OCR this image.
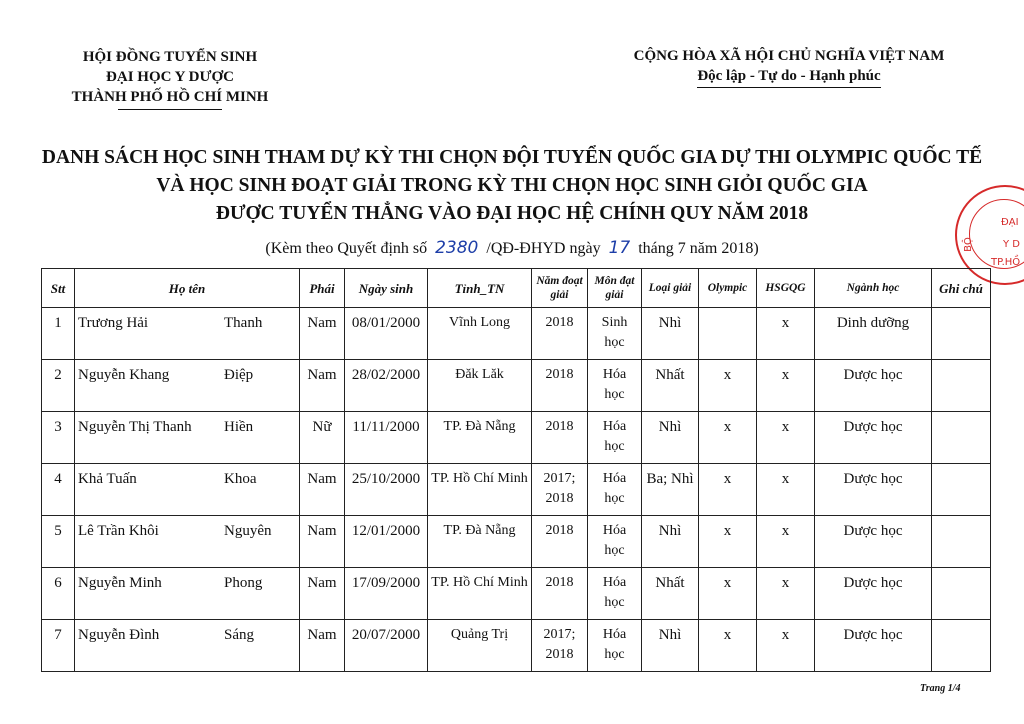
HỘI ĐỒNG TUYỂN SINH
ĐẠI HỌC Y DƯỢC
THÀNH PHỐ HỒ CHÍ MINH
CỘNG HÒA XÃ HỘI CHỦ NGHĨA VIỆT NAM
Độc lập - Tự do - Hạnh phúc
DANH SÁCH HỌC SINH THAM DỰ KỲ THI CHỌN ĐỘI TUYỂN QUỐC GIA DỰ THI OLYMPIC QUỐC TẾ
VÀ HỌC SINH ĐOẠT GIẢI TRONG KỲ THI CHỌN HỌC SINH GIỎI QUỐC GIA
ĐƯỢC TUYỂN THẲNG VÀO ĐẠI HỌC HỆ CHÍNH QUY NĂM 2018
(Kèm theo Quyết định số 2380 /QĐ-ĐHYD ngày 17 tháng 7 năm 2018)
ĐẠI
Y D
TP.HỒ
BỘ
Stt	Họ tên	Phái	Ngày sinh	Tỉnh_TN	Năm đoạt giải	Môn đạt giải	Loại giải	Olympic	HSGQG	Ngành học	Ghi chú
1	Trương Hải Thanh	Nam	08/01/2000	Vĩnh Long	2018	Sinh học	Nhì		x	Dinh dưỡng	
2	Nguyễn Khang Điệp	Nam	28/02/2000	Đăk Lăk	2018	Hóa học	Nhất	x	x	Dược học	
3	Nguyễn Thị Thanh Hiền	Nữ	11/11/2000	TP. Đà Nẵng	2018	Hóa học	Nhì	x	x	Dược học	
4	Khả Tuấn Khoa	Nam	25/10/2000	TP. Hồ Chí Minh	2017; 2018	Hóa học	Ba; Nhì	x	x	Dược học	
5	Lê Trần Khôi Nguyên	Nam	12/01/2000	TP. Đà Nẵng	2018	Hóa học	Nhì	x	x	Dược học	
6	Nguyễn Minh Phong	Nam	17/09/2000	TP. Hồ Chí Minh	2018	Hóa học	Nhất	x	x	Dược học	
7	Nguyễn Đình Sáng	Nam	20/07/2000	Quảng Trị	2017; 2018	Hóa học	Nhì	x	x	Dược học	
Trang 1/4
